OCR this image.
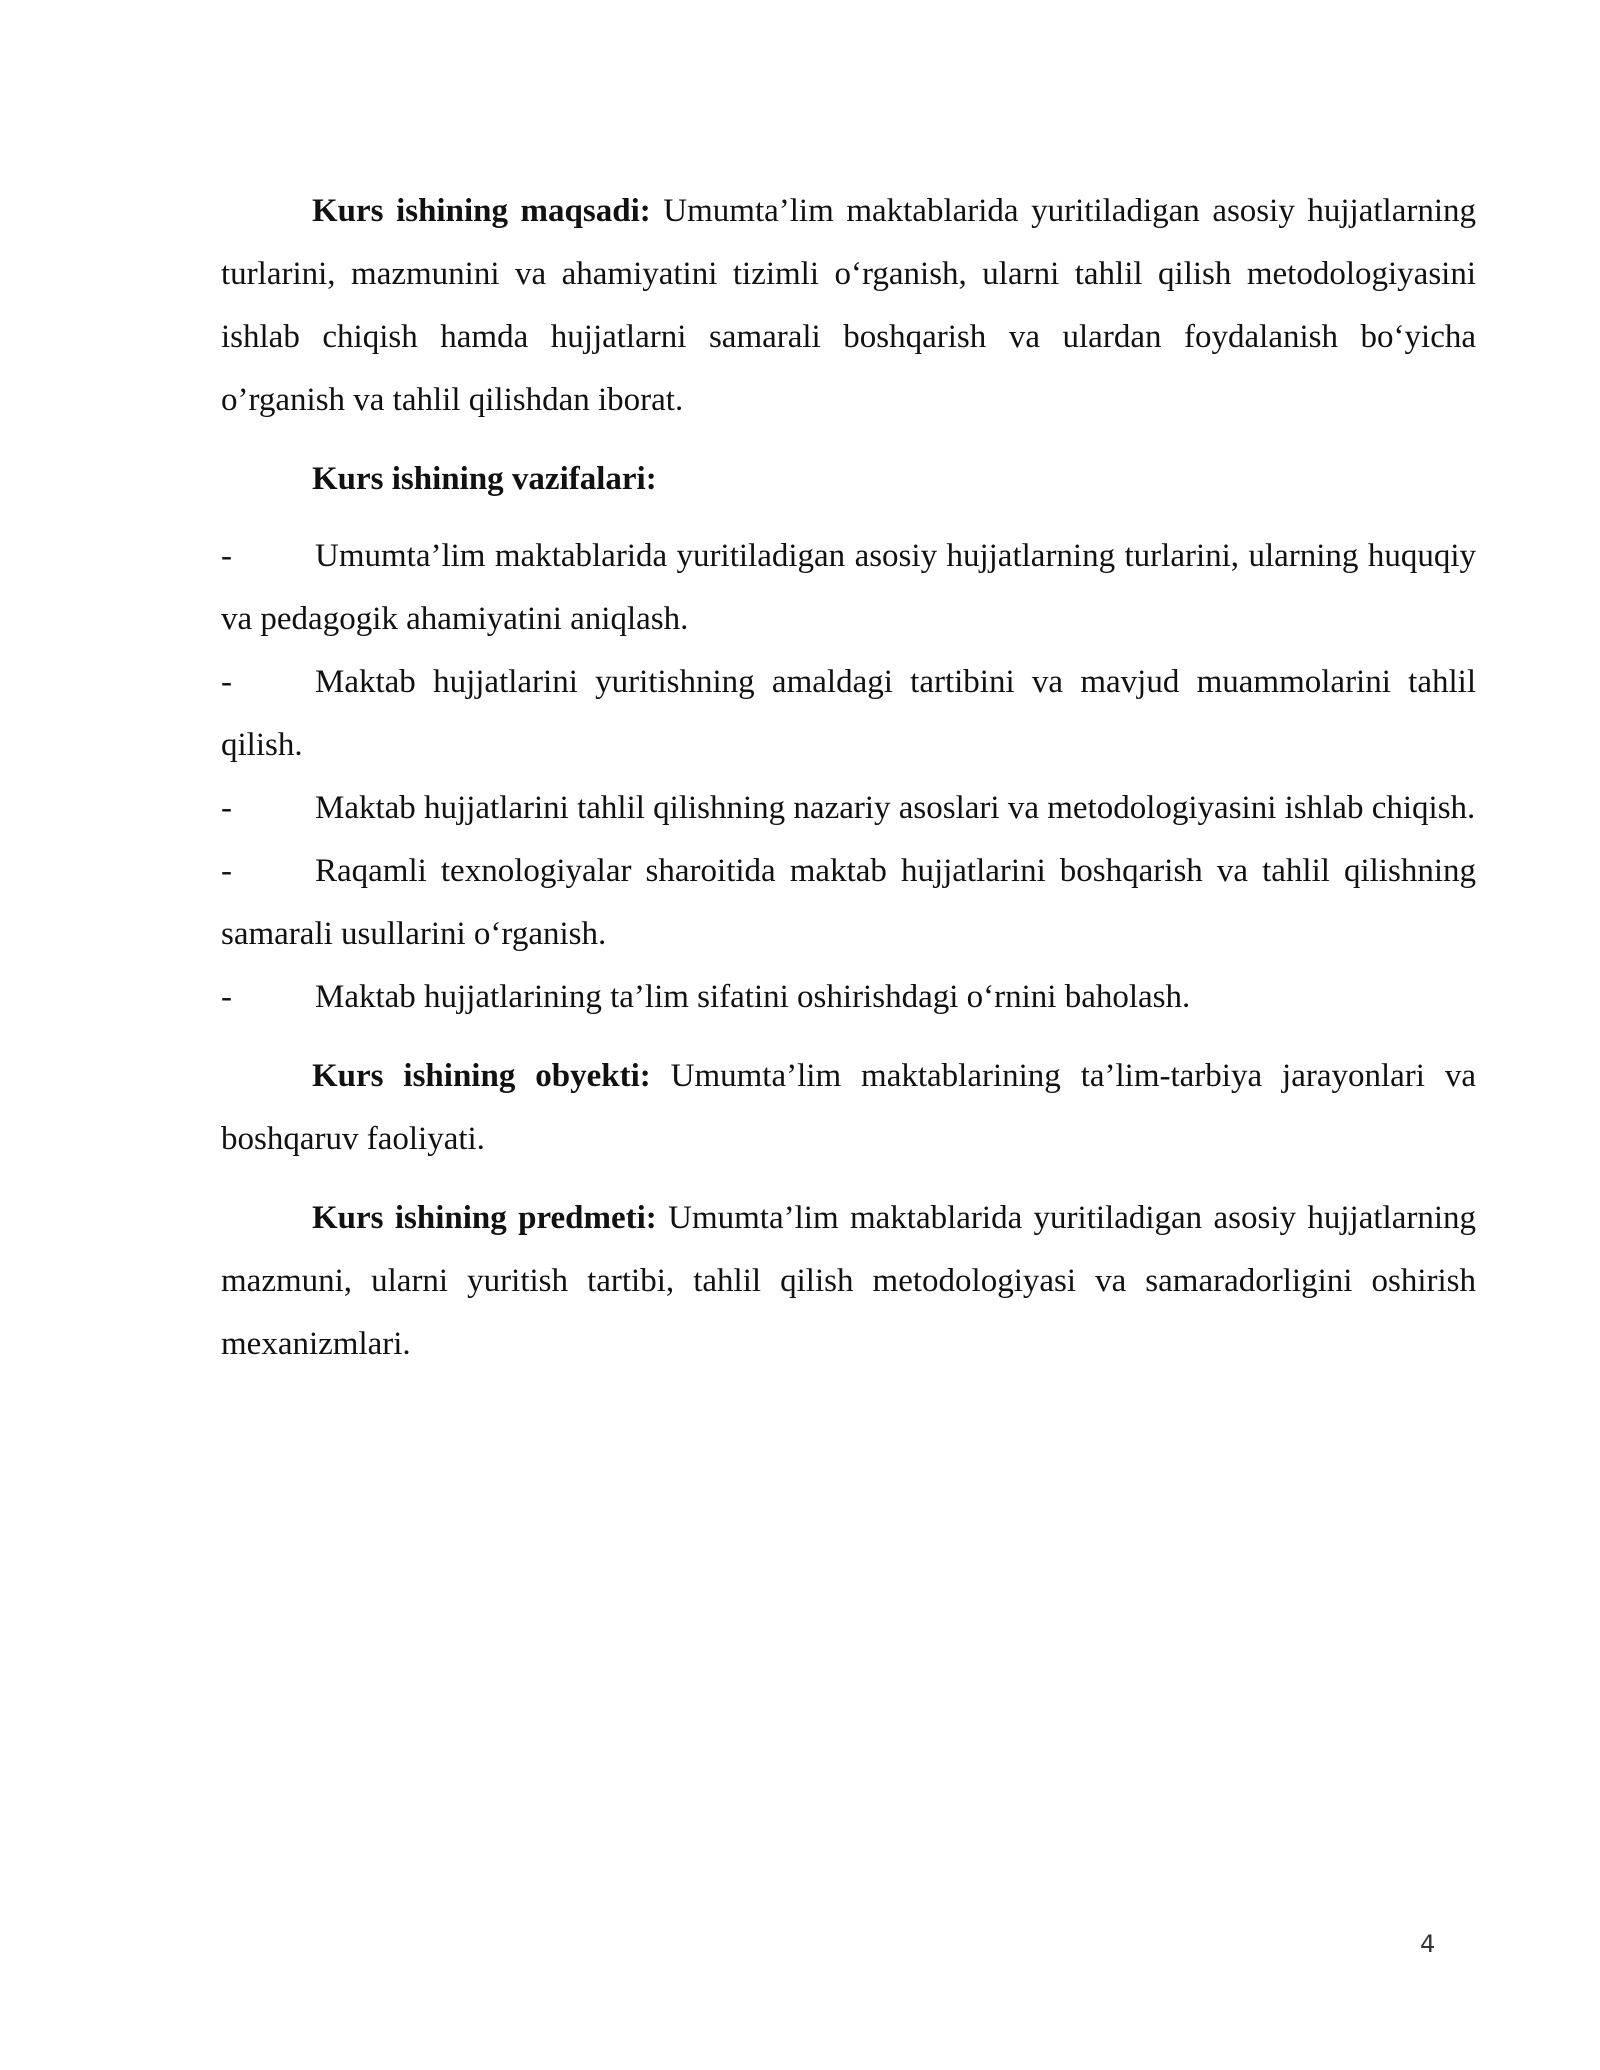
Kurs ishining maqsadi: Umumta’lim maktablarida yuritiladigan asosiy hujjatlarning turlarini, mazmunini va ahamiyatini tizimli o‘rganish, ularni tahlil qilish metodologiyasini ishlab chiqish hamda hujjatlarni samarali boshqarish va ulardan foydalanish bo‘yicha o’rganish va tahlil qilishdan iborat.

Kurs ishining vazifalari:

-	Umumta’lim maktablarida yuritiladigan asosiy hujjatlarning turlarini, ularning huquqiy va pedagogik ahamiyatini aniqlash.
-	Maktab hujjatlarini yuritishning amaldagi tartibini va mavjud muammolarini tahlil qilish.
-	Maktab hujjatlarini tahlil qilishning nazariy asoslari va metodologiyasini ishlab chiqish.
-	Raqamli texnologiyalar sharoitida maktab hujjatlarini boshqarish va tahlil qilishning samarali usullarini o‘rganish.
-	Maktab hujjatlarining ta’lim sifatini oshirishdagi o‘rnini baholash.

Kurs ishining obyekti: Umumta’lim maktablarining ta’lim-tarbiya jarayonlari va boshqaruv faoliyati.

Kurs ishining predmeti: Umumta’lim maktablarida yuritiladigan asosiy hujjatlarning mazmuni, ularni yuritish tartibi, tahlil qilish metodologiyasi va samaradorligini oshirish mexanizmlari.

4
